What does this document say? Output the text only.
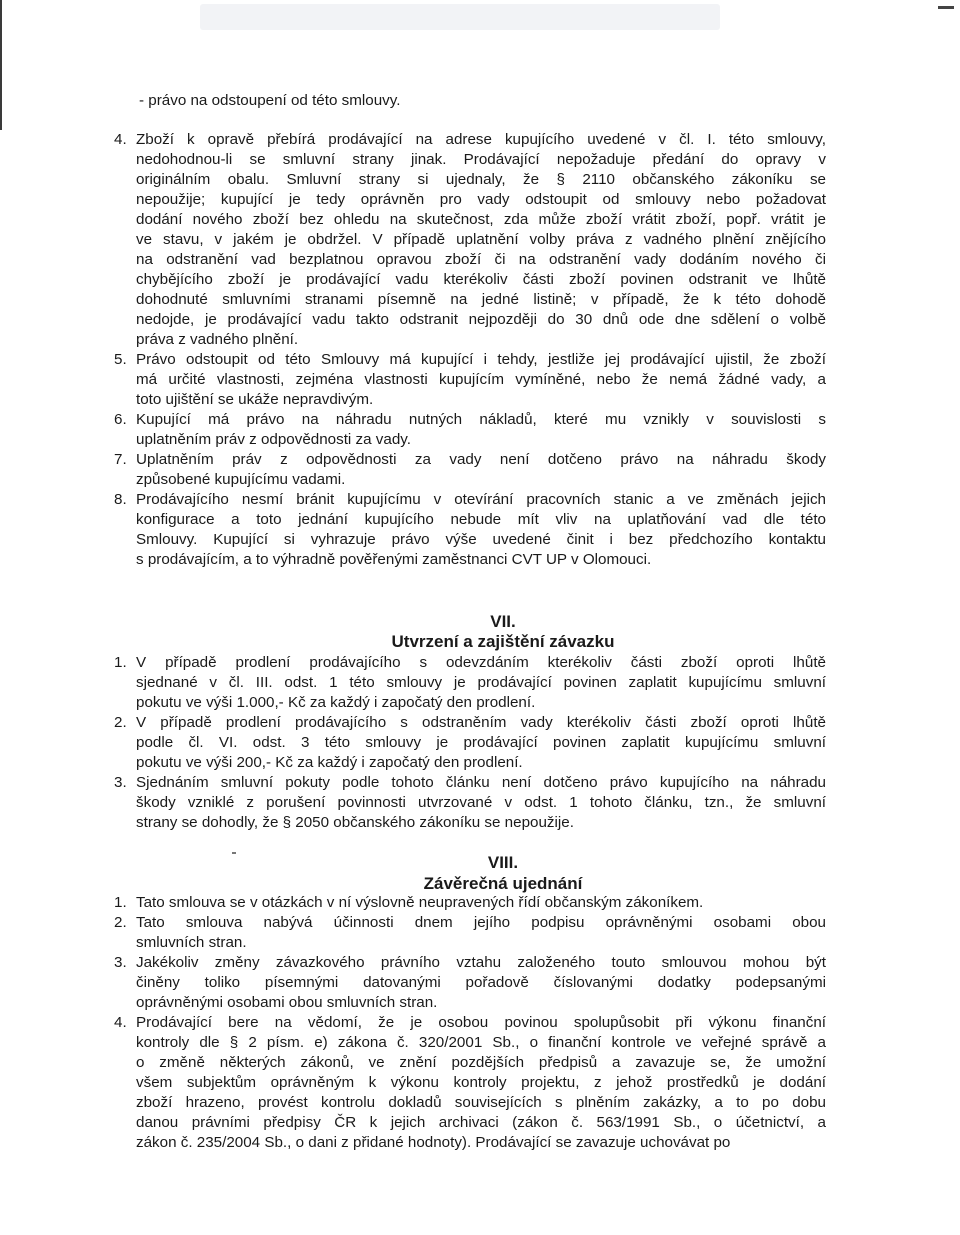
- právo na odstoupení od této smlouvy.

VII.
Utvrzení a zajištění závazku
VIII.
Závěrečná ujednání
4. Zboží k opravě přebírá prodávající na adrese kupujícího uvedené v čl. I. této smlouvy,

nedohodnou-li se smluvní strany jinak. Prodávající nepožaduje předání do opravy v

originálním obalu. Smluvní strany si ujednaly, že § 2110 občanského zákoníku se

nepoužije; kupující je tedy oprávněn pro vady odstoupit od smlouvy nebo požadovat

dodání nového zboží bez ohledu na skutečnost, zda může zboží vrátit zboží, popř. vrátit je

ve stavu, v jakém je obdržel. V případě uplatnění volby práva z vadného plnění znějícího

na odstranění vad bezplatnou opravou zboží či na odstranění vady dodáním nového či

chybějícího zboží je prodávající vadu kterékoliv části zboží povinen odstranit ve lhůtě

dohodnuté smluvními stranami písemně na jedné listině; v případě, že k této dohodě

nedojde, je prodávající vadu takto odstranit nejpozději do 30 dnů ode dne sdělení o volbě

práva z vadného plnění.

5. Právo odstoupit od této Smlouvy má kupující i tehdy, jestliže jej prodávající ujistil, že zboží

má určité vlastnosti, zejména vlastnosti kupujícím vymíněné, nebo že nemá žádné vady, a

toto ujištění se ukáže nepravdivým.

6. Kupující má právo na náhradu nutných nákladů, které mu vznikly v souvislosti s

uplatněním práv z odpovědnosti za vady.

7. Uplatněním práv z odpovědnosti za vady není dotčeno právo na náhradu škody

způsobené kupujícímu vadami.

8. Prodávajícího nesmí bránit kupujícímu v otevírání pracovních stanic a ve změnách jejich

konfigurace a toto jednání kupujícího nebude mít vliv na uplatňování vad dle této

Smlouvy. Kupující si vyhrazuje právo výše uvedené činit i bez předchozího kontaktu

s prodávajícím, a to výhradně pověřenými zaměstnanci CVT UP v Olomouci.

1. V případě prodlení prodávajícího s odevzdáním kterékoliv části zboží oproti lhůtě

sjednané v čl. III. odst. 1 této smlouvy je prodávající povinen zaplatit kupujícímu smluvní

pokutu ve výši 1.000,- Kč za každý i započatý den prodlení.

2. V případě prodlení prodávajícího s odstraněním vady kterékoliv části zboží oproti lhůtě

podle čl. VI. odst. 3 této smlouvy je prodávající povinen zaplatit kupujícímu smluvní

pokutu ve výši 200,- Kč za každý i započatý den prodlení.

3. Sjednáním smluvní pokuty podle tohoto článku není dotčeno právo kupujícího na náhradu

škody vzniklé z porušení povinnosti utvrzované v odst. 1 tohoto článku, tzn., že smluvní

strany se dohodly, že § 2050 občanského zákoníku se nepoužije.

1. Tato smlouva se v otázkách v ní výslovně neupravených řídí občanským zákoníkem.

2. Tato smlouva nabývá účinnosti dnem jejího podpisu oprávněnými osobami obou

smluvních stran.

3. Jakékoliv změny závazkového právního vztahu založeného touto smlouvou mohou být

činěny toliko písemnými datovanými pořadově číslovanými dodatky podepsanými

oprávněnými osobami obou smluvních stran.

4. Prodávající bere na vědomí, že je osobou povinou spolupůsobit při výkonu finanční

kontroly dle § 2 písm. e) zákona č. 320/2001 Sb., o finanční kontrole ve veřejné správě a

o změně některých zákonů, ve znění pozdějších předpisů a zavazuje se, že umožní

všem subjektům oprávněným k výkonu kontroly projektu, z jehož prostředků je dodání

zboží hrazeno, provést kontrolu dokladů souvisejících s plněním zakázky, a to po dobu

danou právními předpisy ČR k jejich archivaci (zákon č. 563/1991 Sb., o účetnictví, a

zákon č. 235/2004 Sb., o dani z přidané hodnoty). Prodávající se zavazuje uchovávat po
